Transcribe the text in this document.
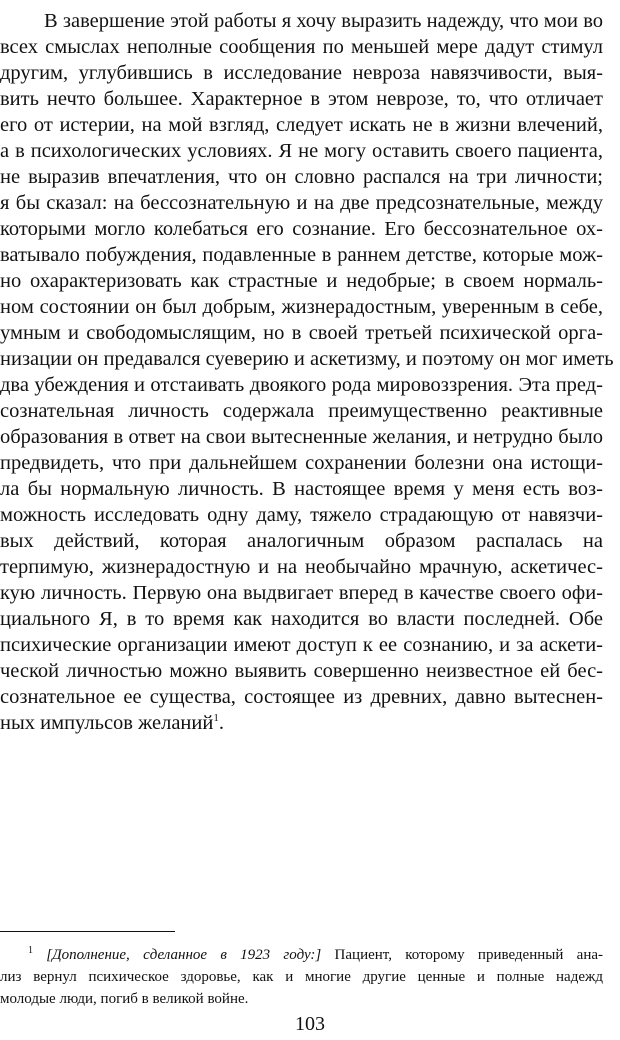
В завершение этой работы я хочу выразить надежду, что мои во
всех смыслах неполные сообщения по меньшей мере дадут стимул
другим, углубившись в исследование невроза навязчивости, выя-
вить нечто большее. Характерное в этом неврозе, то, что отличает
его от истерии, на мой взгляд, следует искать не в жизни влечений,
а в психологических условиях. Я не могу оставить своего пациента,
не выразив впечатления, что он словно распался на три личности;
я бы сказал: на бессознательную и на две предсознательные, между
которыми могло колебаться его сознание. Его бессознательное ох-
ватывало побуждения, подавленные в раннем детстве, которые мож-
но охарактеризовать как страстные и недобрые; в своем нормаль-
ном состоянии он был добрым, жизнерадостным, уверенным в себе,
умным и свободомыслящим, но в своей третьей психической орга-
низации он предавался суеверию и аскетизму, и поэтому он мог иметь
два убеждения и отстаивать двоякого рода мировоззрения. Эта пред-
сознательная личность содержала преимущественно реактивные
образования в ответ на свои вытесненные желания, и нетрудно было
предвидеть, что при дальнейшем сохранении болезни она истощи-
ла бы нормальную личность. В настоящее время у меня есть воз-
можность исследовать одну даму, тяжело страдающую от навязчи-
вых действий, которая аналогичным образом распалась на
терпимую, жизнерадостную и на необычайно мрачную, аскетичес-
кую личность. Первую она выдвигает вперед в качестве своего офи-
циального Я, в то время как находится во власти последней. Обе
психические организации имеют доступ к ее сознанию, и за аскети-
ческой личностью можно выявить совершенно неизвестное ей бес-
сознательное ее существа, состоящее из древних, давно вытеснен-
ных импульсов желаний$^1$.
$^1$ [Дополнение, сделанное в 1923 году:] Пациент, которому приведенный ана-
лиз вернул психическое здоровье, как и многие другие ценные и полные надежд
молодые люди, погиб в великой войне.
103
